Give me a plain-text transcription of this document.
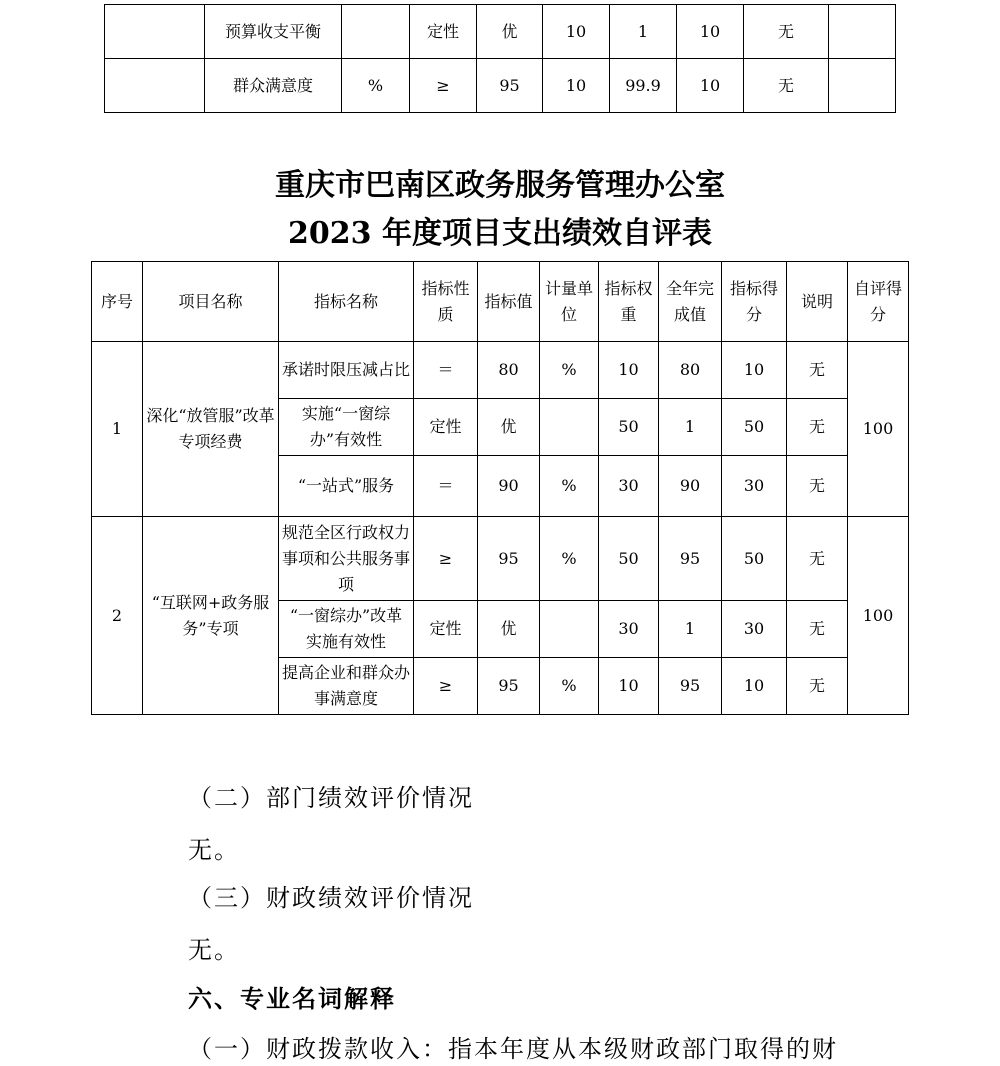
	预算收支平衡		定性	优	10	1	10	无	
	群众满意度	%	≥	95	10	99.9	10	无	
重庆市巴南区政务服务管理办公室
2023 年度项目支出绩效自评表
序号	项目名称	指标名称	指标性质	指标值	计量单位	指标权重	全年完成值	指标得分	说明	自评得分
1	深化“放管服”改革专项经费	承诺时限压减占比	＝	80	%	10	80	10	无	100
		实施“一窗综办”有效性	定性	优		50	1	50	无	
		“一站式”服务	＝	90	%	30	90	30	无	
2	“互联网+政务服务”专项	规范全区行政权力事项和公共服务事项	≥	95	%	50	95	50	无	100
		“一窗综办”改革实施有效性	定性	优		30	1	30	无	
		提高企业和群众办事满意度	≥	95	%	10	95	10	无	
（二）部门绩效评价情况
无。
（三）财政绩效评价情况
无。
六、专业名词解释
（一）财政拨款收入：指本年度从本级财政部门取得的财
